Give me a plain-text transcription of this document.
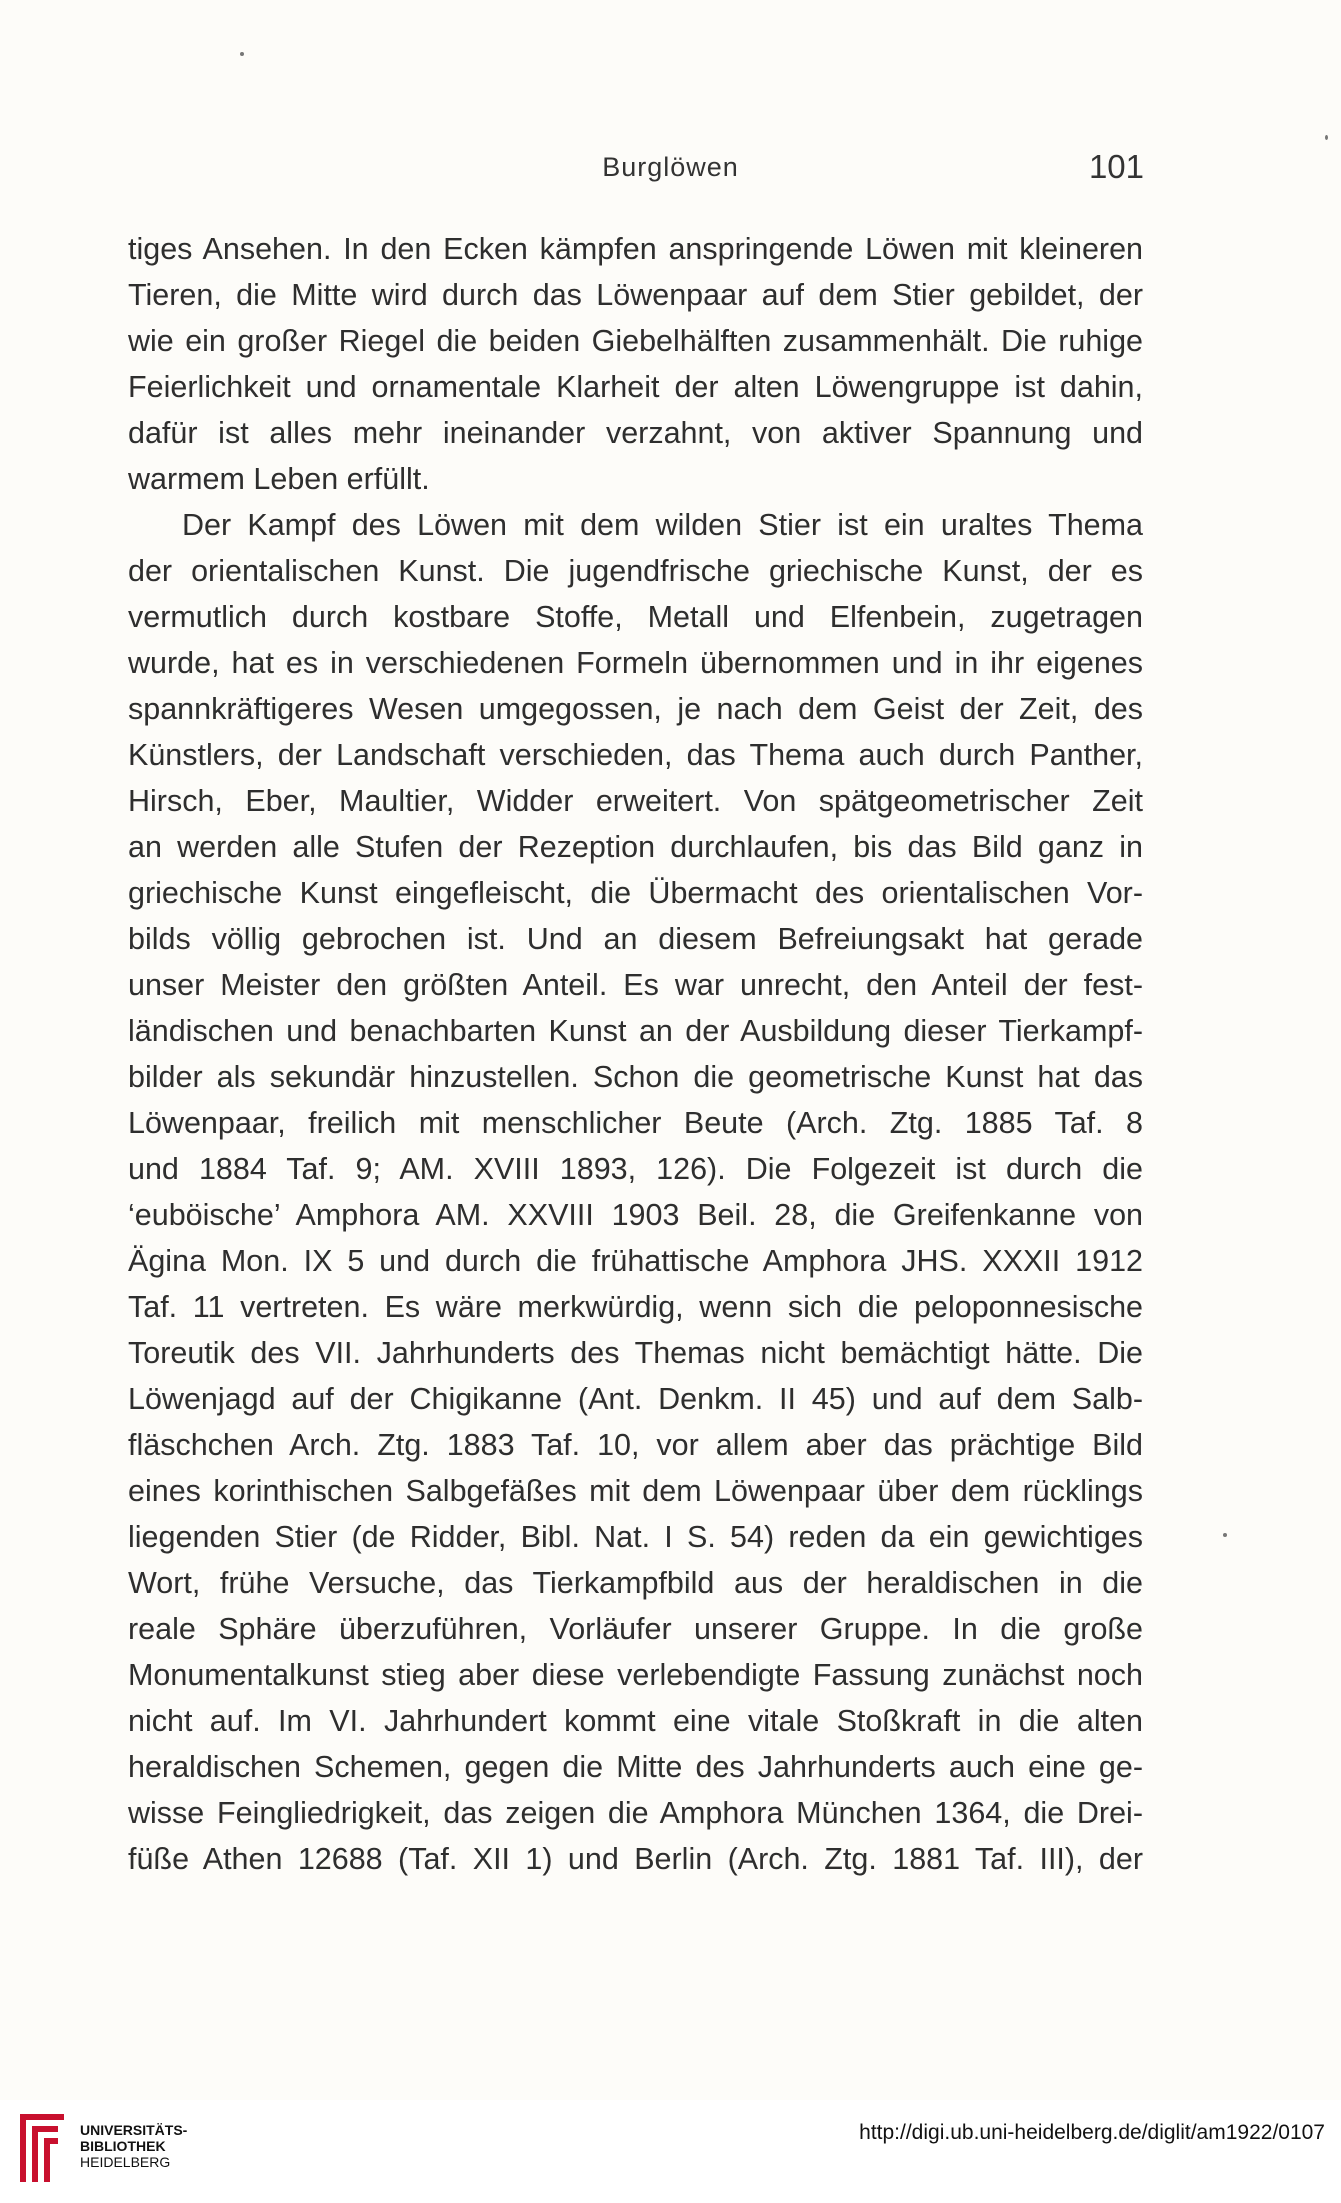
Burglöwen	101
tiges Ansehen. In den Ecken kämpfen anspringende Löwen mit kleineren
Tieren, die Mitte wird durch das Löwenpaar auf dem Stier gebildet, der
wie ein großer Riegel die beiden Giebelhälften zusammenhält. Die ruhige
Feierlichkeit und ornamentale Klarheit der alten Löwengruppe ist dahin,
dafür ist alles mehr ineinander verzahnt, von aktiver Spannung und
warmem Leben erfüllt.
Der Kampf des Löwen mit dem wilden Stier ist ein uraltes Thema
der orientalischen Kunst. Die jugendfrische griechische Kunst, der es
vermutlich durch kostbare Stoffe, Metall und Elfenbein, zugetragen
wurde, hat es in verschiedenen Formeln übernommen und in ihr eigenes
spannkräftigeres Wesen umgegossen, je nach dem Geist der Zeit, des
Künstlers, der Landschaft verschieden, das Thema auch durch Panther,
Hirsch, Eber, Maultier, Widder erweitert. Von spätgeometrischer Zeit
an werden alle Stufen der Rezeption durchlaufen, bis das Bild ganz in
griechische Kunst eingefleischt, die Übermacht des orientalischen Vor-
bilds völlig gebrochen ist. Und an diesem Befreiungsakt hat gerade
unser Meister den größten Anteil. Es war unrecht, den Anteil der fest-
ländischen und benachbarten Kunst an der Ausbildung dieser Tierkampf-
bilder als sekundär hinzustellen. Schon die geometrische Kunst hat das
Löwenpaar, freilich mit menschlicher Beute (Arch. Ztg. 1885 Taf. 8
und 1884 Taf. 9; AM. XVIII 1893, 126). Die Folgezeit ist durch die
‘euböische’ Amphora AM. XXVIII 1903 Beil. 28, die Greifenkanne von
Ägina Mon. IX 5 und durch die frühattische Amphora JHS. XXXII 1912
Taf. 11 vertreten. Es wäre merkwürdig, wenn sich die peloponnesische
Toreutik des VII. Jahrhunderts des Themas nicht bemächtigt hätte. Die
Löwenjagd auf der Chigikanne (Ant. Denkm. II 45) und auf dem Salb-
fläschchen Arch. Ztg. 1883 Taf. 10, vor allem aber das prächtige Bild
eines korinthischen Salbgefäßes mit dem Löwenpaar über dem rücklings
liegenden Stier (de Ridder, Bibl. Nat. I S. 54) reden da ein gewichtiges
Wort, frühe Versuche, das Tierkampfbild aus der heraldischen in die
reale Sphäre überzuführen, Vorläufer unserer Gruppe. In die große
Monumentalkunst stieg aber diese verlebendigte Fassung zunächst noch
nicht auf. Im VI. Jahrhundert kommt eine vitale Stoßkraft in die alten
heraldischen Schemen, gegen die Mitte des Jahrhunderts auch eine ge-
wisse Feingliedrigkeit, das zeigen die Amphora München 1364, die Drei-
füße Athen 12688 (Taf. XII 1) und Berlin (Arch. Ztg. 1881 Taf. III), der
UNIVERSITÄTS-
BIBLIOTHEK
HEIDELBERG
http://digi.ub.uni-heidelberg.de/diglit/am1922/0107
